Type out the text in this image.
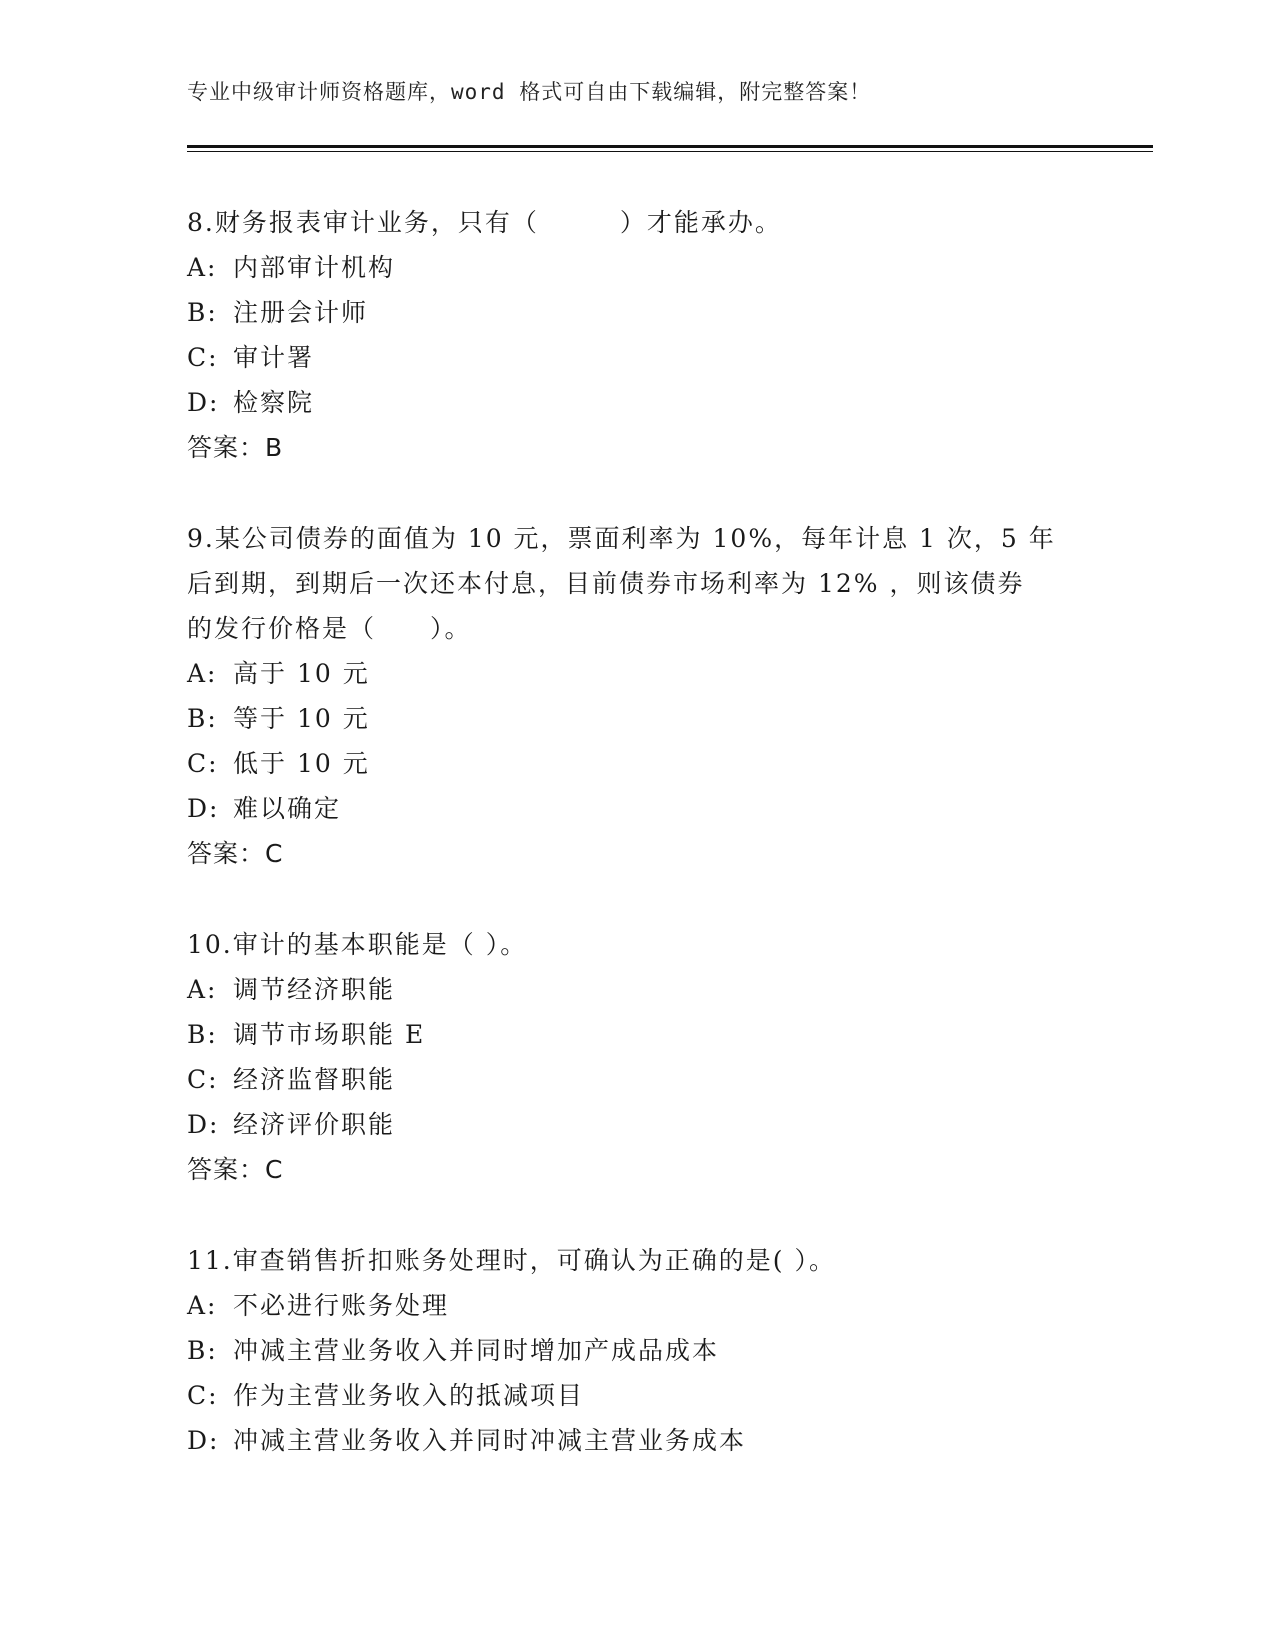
专业中级审计师资格题库，word 格式可自由下载编辑，附完整答案！
8.财务报表审计业务，只有（　　　）才能承办。
A: 内部审计机构
B: 注册会计师
C: 审计署
D: 检察院
答案：B
9.某公司债券的面值为 10 元，票面利率为 10%，每年计息 1 次，5 年
后到期，到期后一次还本付息，目前债券市场利率为 12% ，则该债券
的发行价格是（　　）。
A: 高于 10 元
B: 等于 10 元
C: 低于 10 元
D: 难以确定
答案：C
10.审计的基本职能是（ ）。
A: 调节经济职能
B: 调节市场职能 E
C: 经济监督职能
D: 经济评价职能
答案：C
11.审查销售折扣账务处理时，可确认为正确的是( ）。
A: 不必进行账务处理
B: 冲减主营业务收入并同时增加产成品成本
C: 作为主营业务收入的抵减项目
D: 冲减主营业务收入并同时冲减主营业务成本
